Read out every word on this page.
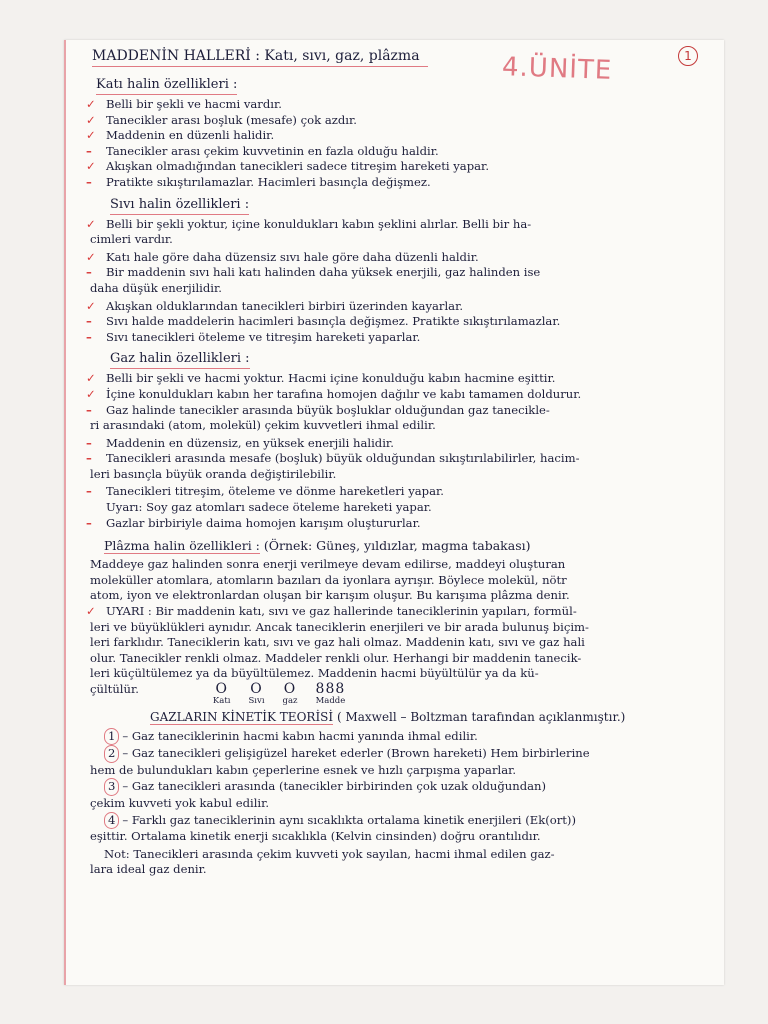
1
4.ÜNİTE
MADDENİN HALLERİ : Katı, sıvı, gaz, plâzma
Katı halin özellikleri :

✓ Belli bir şekli ve hacmi vardır.

✓ Tanecikler arası boşluk (mesafe) çok azdır.

✓ Maddenin en düzenli halidir.

– Tanecikler arası çekim kuvvetinin en fazla olduğu haldir.

✓ Akışkan olmadığından tanecikleri sadece titreşim hareketi yapar.

– Pratikte sıkıştırılamazlar. Hacimleri basınçla değişmez.

Sıvı halin özellikleri :

✓ Belli bir şekli yoktur, içine konuldukları kabın şeklini alırlar. Belli bir ha-

cimleri vardır.

✓ Katı hale göre daha düzensiz sıvı hale göre daha düzenli haldir.

– Bir maddenin sıvı hali katı halinden daha yüksek enerjili, gaz halinden ise

daha düşük enerjilidir.

✓ Akışkan olduklarından tanecikleri birbiri üzerinden kayarlar.

– Sıvı halde maddelerin hacimleri basınçla değişmez. Pratikte sıkıştırılamazlar.

– Sıvı tanecikleri öteleme ve titreşim hareketi yaparlar.

Gaz halin özellikleri :

✓ Belli bir şekli ve hacmi yoktur. Hacmi içine konulduğu kabın hacmine eşittir.

✓ İçine konuldukları kabın her tarafına homojen dağılır ve kabı tamamen doldurur.

– Gaz halinde tanecikler arasında büyük boşluklar olduğundan gaz tanecikle-

ri arasındaki (atom, molekül) çekim kuvvetleri ihmal edilir.

– Maddenin en düzensiz, en yüksek enerjili halidir.

– Tanecikleri arasında mesafe (boşluk) büyük olduğundan sıkıştırılabilirler, hacim-

leri basınçla büyük oranda değiştirilebilir.

– Tanecikleri titreşim, öteleme ve dönme hareketleri yapar.

Uyarı: Soy gaz atomları sadece öteleme hareketi yapar.

– Gazlar birbiriyle daima homojen karışım oluştururlar.

Plâzma halin özellikleri : (Örnek: Güneş, yıldızlar, magma tabakası)

Maddeye gaz halinden sonra enerji verilmeye devam edilirse, maddeyi oluşturan

moleküller atomlara, atomların bazıları da iyonlara ayrışır. Böylece molekül, nötr

atom, iyon ve elektronlardan oluşan bir karışım oluşur. Bu karışıma plâzma denir.

✓ UYARI : Bir maddenin katı, sıvı ve gaz hallerinde taneciklerinin yapıları, formül-

leri ve büyüklükleri aynıdır. Ancak taneciklerin enerjileri ve bir arada bulunuş biçim-

leri farklıdır. Taneciklerin katı, sıvı ve gaz hali olmaz. Maddenin katı, sıvı ve gaz hali

olur. Tanecikler renkli olmaz. Maddeler renkli olur. Herhangi bir maddenin tanecik-

leri küçültülemez ya da büyültülemez. Maddenin hacmi büyültülür ya da kü-

çültülür.	O
Katı
O
Sıvı
O
gaz
888
Madde
GAZLARIN KİNETİK TEORİSİ ( Maxwell – Boltzman tarafından açıklanmıştır.)

1 – Gaz taneciklerinin hacmi kabın hacmi yanında ihmal edilir.

2 – Gaz tanecikleri gelişigüzel hareket ederler (Brown hareketi) Hem birbirlerine

hem de bulundukları kabın çeperlerine esnek ve hızlı çarpışma yaparlar.

3 – Gaz tanecikleri arasında (tanecikler birbirinden çok uzak olduğundan)

çekim kuvveti yok kabul edilir.

4 – Farklı gaz taneciklerinin aynı sıcaklıkta ortalama kinetik enerjileri (Ek(ort))

eşittir. Ortalama kinetik enerji sıcaklıkla (Kelvin cinsinden) doğru orantılıdır.

Not: Tanecikleri arasında çekim kuvveti yok sayılan, hacmi ihmal edilen gaz-

lara ideal gaz denir.
